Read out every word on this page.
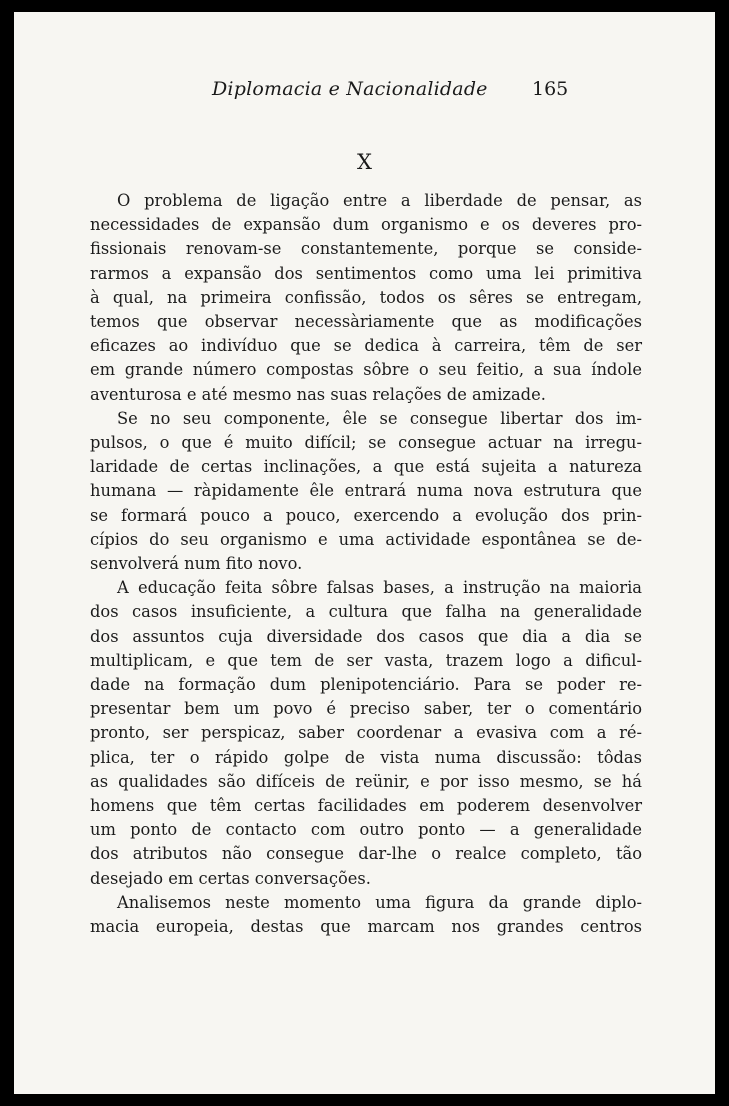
Diplomacia e Nacionalidade 165
X
O problema de ligação entre a liberdade de pensar, as
necessidades de expansão dum organismo e os deveres pro-
fissionais renovam-se constantemente, porque se conside-
rarmos a expansão dos sentimentos como uma lei primitiva
à qual, na primeira confissão, todos os sêres se entregam,
temos que observar necessàriamente que as modificações
eficazes ao indivíduo que se dedica à carreira, têm de ser
em grande número compostas sôbre o seu feitio, a sua índole
aventurosa e até mesmo nas suas relações de amizade.
Se no seu componente, êle se consegue libertar dos im-
pulsos, o que é muito difícil; se consegue actuar na irregu-
laridade de certas inclinações, a que está sujeita a natureza
humana — ràpidamente êle entrará numa nova estrutura que
se formará pouco a pouco, exercendo a evolução dos prin-
cípios do seu organismo e uma actividade espontânea se de-
senvolverá num fito novo.
A educação feita sôbre falsas bases, a instrução na maioria
dos casos insuficiente, a cultura que falha na generalidade
dos assuntos cuja diversidade dos casos que dia a dia se
multiplicam, e que tem de ser vasta, trazem logo a dificul-
dade na formação dum plenipotenciário. Para se poder re-
presentar bem um povo é preciso saber, ter o comentário
pronto, ser perspicaz, saber coordenar a evasiva com a ré-
plica, ter o rápido golpe de vista numa discussão: tôdas
as qualidades são difíceis de reünir, e por isso mesmo, se há
homens que têm certas facilidades em poderem desenvolver
um ponto de contacto com outro ponto — a generalidade
dos atributos não consegue dar-lhe o realce completo, tão
desejado em certas conversações.
Analisemos neste momento uma figura da grande diplo-
macia europeia, destas que marcam nos grandes centros
